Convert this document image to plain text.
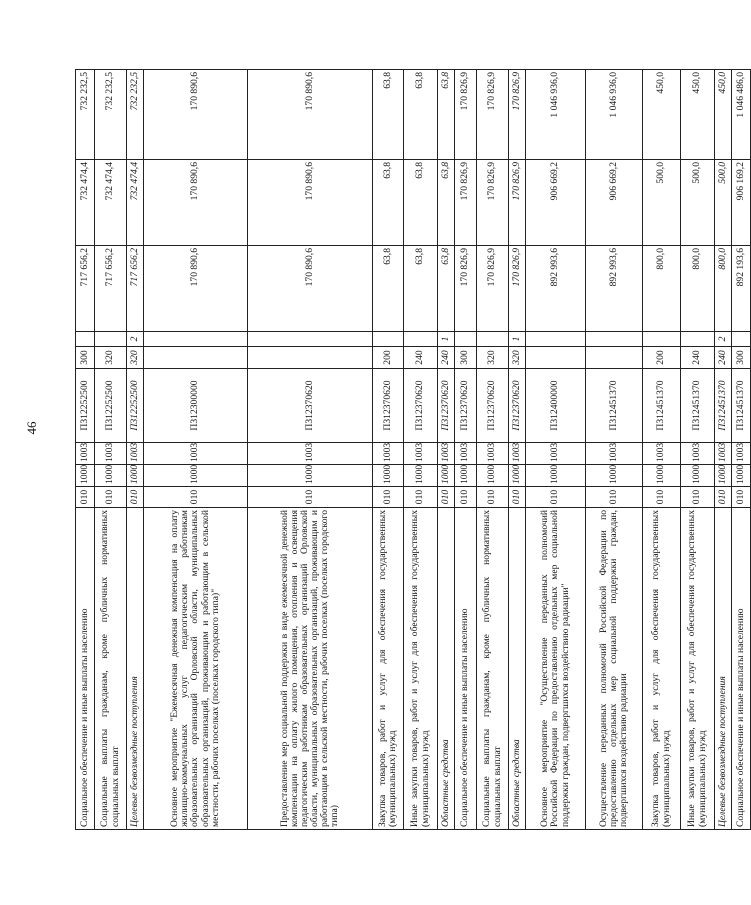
46
Социальное обеспечение и иные выплаты населению	010	1000	1003	П312252500	300		717 656,2	732 474,4	732 232,5
Социальные выплаты гражданам, кроме публичных нормативных социальных выплат	010	1000	1003	П312252500	320		717 656,2	732 474,4	732 232,5
Целевые безвозмездные поступления	010	1000	1003	П312252500	320	2	717 656,2	732 474,4	732 232,5
Основное мероприятие "Ежемесячная денежная компенсация на оплату жилищно-коммунальных услуг педагогическим работникам образовательных организаций Орловской области, муниципальных образовательных организаций, проживающим и работающим в сельской местности, рабочих поселках (поселках городского типа)"	010	1000	1003	П312300000			170 890,6	170 890,6	170 890,6
Предоставление мер социальной поддержки в виде ежемесячной денежной компенсации на оплату жилого помещения, отопления и освещения педагогическим работникам образовательных организаций Орловской области, муниципальных образовательных организаций, проживающим и работающим в сельской местности, рабочих поселках (поселках городского типа)	010	1000	1003	П312370620			170 890,6	170 890,6	170 890,6
Закупка товаров, работ и услуг для обеспечения государственных (муниципальных) нужд	010	1000	1003	П312370620	200		63,8	63,8	63,8
Иные закупки товаров, работ и услуг для обеспечения государственных (муниципальных) нужд	010	1000	1003	П312370620	240		63,8	63,8	63,8
Областные средства	010	1000	1003	П312370620	240	1	63,8	63,8	63,8
Социальное обеспечение и иные выплаты населению	010	1000	1003	П312370620	300		170 826,9	170 826,9	170 826,9
Социальные выплаты гражданам, кроме публичных нормативных социальных выплат	010	1000	1003	П312370620	320		170 826,9	170 826,9	170 826,9
Областные средства	010	1000	1003	П312370620	320	1	170 826,9	170 826,9	170 826,9
Основное мероприятие "Осуществление переданных полномочий Российской Федерации по предоставлению отдельных мер социальной поддержки граждан, подвергшихся воздействию радиации"	010	1000	1003	П312400000			892 993,6	906 669,2	1 046 936,0
Осуществление переданных полномочий Российской Федерации по предоставлению отдельных мер социальной поддержки граждан, подвергшихся воздействию радиации	010	1000	1003	П312451370			892 993,6	906 669,2	1 046 936,0
Закупка товаров, работ и услуг для обеспечения государственных (муниципальных) нужд	010	1000	1003	П312451370	200		800,0	500,0	450,0
Иные закупки товаров, работ и услуг для обеспечения государственных (муниципальных) нужд	010	1000	1003	П312451370	240		800,0	500,0	450,0
Целевые безвозмездные поступления	010	1000	1003	П312451370	240	2	800,0	500,0	450,0
Социальное обеспечение и иные выплаты населению	010	1000	1003	П312451370	300		892 193,6	906 169,2	1 046 486,0
